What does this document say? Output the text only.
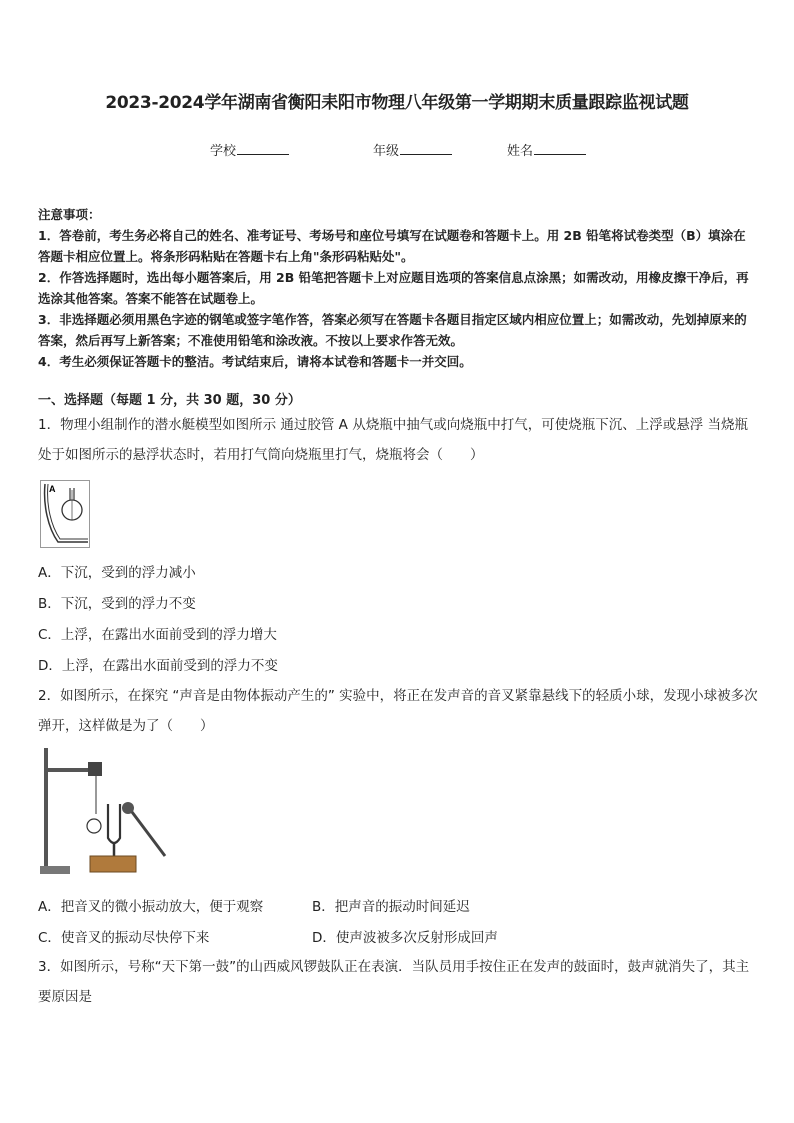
2023-2024学年湖南省衡阳耒阳市物理八年级第一学期期末质量跟踪监视试题
学校	年级	姓名

注意事项：

1．答卷前，考生务必将自己的姓名、准考证号、考场号和座位号填写在试题卷和答题卡上。用 2B 铅笔将试卷类型（B）填涂在答题卡相应位置上。将条形码粘贴在答题卡右上角"条形码粘贴处"。

2．作答选择题时，选出每小题答案后，用 2B 铅笔把答题卡上对应题目选项的答案信息点涂黑；如需改动，用橡皮擦干净后，再选涂其他答案。答案不能答在试题卷上。

3．非选择题必须用黑色字迹的钢笔或签字笔作答，答案必须写在答题卡各题目指定区域内相应位置上；如需改动，先划掉原来的答案，然后再写上新答案；不准使用铅笔和涂改液。不按以上要求作答无效。

4．考生必须保证答题卡的整洁。考试结束后，请将本试卷和答题卡一并交回。

一、选择题（每题 1 分，共 30 题，30 分）
1．物理小组制作的潜水艇模型如图所示 通过胶管 A 从烧瓶中抽气或向烧瓶中打气，可使烧瓶下沉、上浮或悬浮 当烧瓶处于如图所示的悬浮状态时，若用打气筒向烧瓶里打气，烧瓶将会（　　）
A
A．下沉，受到的浮力减小
B．下沉，受到的浮力不变
C．上浮，在露出水面前受到的浮力增大
D．上浮，在露出水面前受到的浮力不变
2．如图所示，在探究 “声音是由物体振动产生的” 实验中，将正在发声音的音叉紧靠悬线下的轻质小球，发现小球被多次弹开，这样做是为了（　　）
A．把音叉的微小振动放大，便于观察	B．把声音的振动时间延迟
C．使音叉的振动尽快停下来	D．使声波被多次反射形成回声
3．如图所示，号称“天下第一鼓”的山西威风锣鼓队正在表演．当队员用手按住正在发声的鼓面时，鼓声就消失了，其主要原因是
